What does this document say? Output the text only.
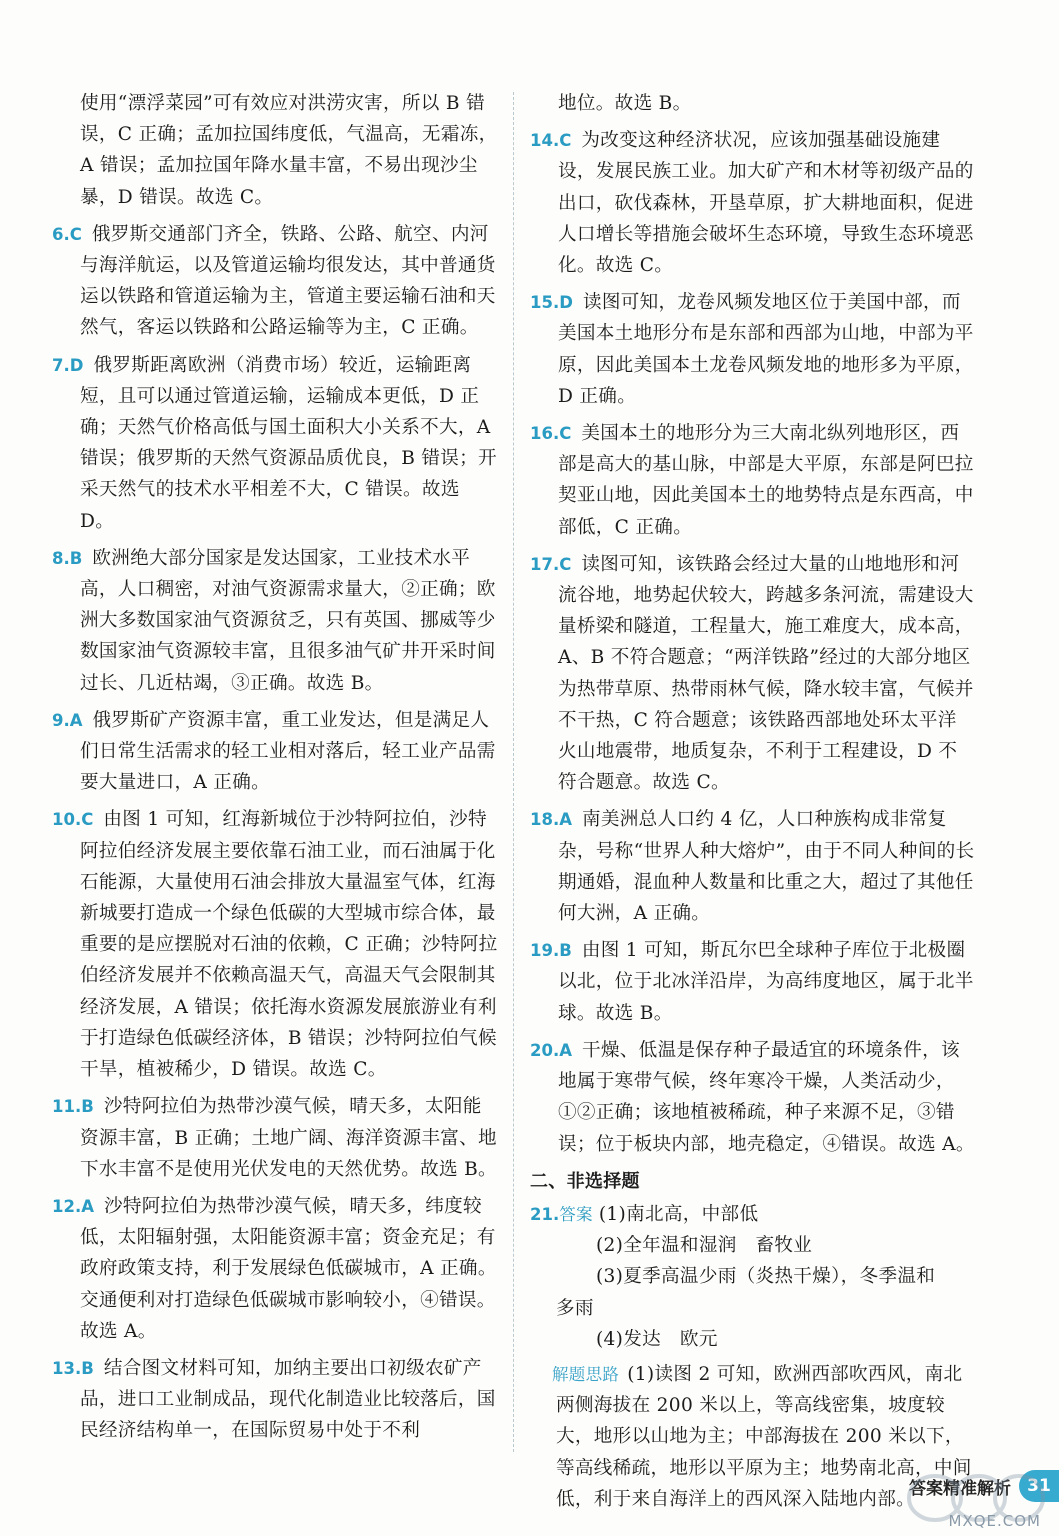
使用“漂浮菜园”可有效应对洪涝灾害，所以 B 错误，C 正确；孟加拉国纬度低，气温高，无霜冻，A 错误；孟加拉国年降水量丰富，不易出现沙尘暴，D 错误。故选 C。

6.C 俄罗斯交通部门齐全，铁路、公路、航空、内河与海洋航运，以及管道运输均很发达，其中普通货运以铁路和管道运输为主，管道主要运输石油和天然气，客运以铁路和公路运输等为主，C 正确。

7.D 俄罗斯距离欧洲（消费市场）较近，运输距离短，且可以通过管道运输，运输成本更低，D 正确；天然气价格高低与国土面积大小关系不大，A 错误；俄罗斯的天然气资源品质优良，B 错误；开采天然气的技术水平相差不大，C 错误。故选 D。

8.B 欧洲绝大部分国家是发达国家，工业技术水平高，人口稠密，对油气资源需求量大，②正确；欧洲大多数国家油气资源贫乏，只有英国、挪威等少数国家油气资源较丰富，且很多油气矿井开采时间过长、几近枯竭，③正确。故选 B。

9.A 俄罗斯矿产资源丰富，重工业发达，但是满足人们日常生活需求的轻工业相对落后，轻工业产品需要大量进口，A 正确。

10.C 由图 1 可知，红海新城位于沙特阿拉伯，沙特阿拉伯经济发展主要依靠石油工业，而石油属于化石能源，大量使用石油会排放大量温室气体，红海新城要打造成一个绿色低碳的大型城市综合体，最重要的是应摆脱对石油的依赖，C 正确；沙特阿拉伯经济发展并不依赖高温天气，高温天气会限制其经济发展，A 错误；依托海水资源发展旅游业有利于打造绿色低碳经济体，B 错误；沙特阿拉伯气候干旱，植被稀少，D 错误。故选 C。

11.B 沙特阿拉伯为热带沙漠气候，晴天多，太阳能资源丰富，B 正确；土地广阔、海洋资源丰富、地下水丰富不是使用光伏发电的天然优势。故选 B。

12.A 沙特阿拉伯为热带沙漠气候，晴天多，纬度较低，太阳辐射强，太阳能资源丰富；资金充足；有政府政策支持，利于发展绿色低碳城市，A 正确。交通便利对打造绿色低碳城市影响较小，④错误。故选 A。

13.B 结合图文材料可知，加纳主要出口初级农矿产品，进口工业制成品，现代化制造业比较落后，国民经济结构单一，在国际贸易中处于不利

地位。故选 B。

14.C 为改变这种经济状况，应该加强基础设施建设，发展民族工业。加大矿产和木材等初级产品的出口，砍伐森林，开垦草原，扩大耕地面积，促进人口增长等措施会破坏生态环境，导致生态环境恶化。故选 C。

15.D 读图可知，龙卷风频发地区位于美国中部，而美国本土地形分布是东部和西部为山地，中部为平原，因此美国本土龙卷风频发地的地形多为平原，D 正确。

16.C 美国本土的地形分为三大南北纵列地形区，西部是高大的基山脉，中部是大平原，东部是阿巴拉契亚山地，因此美国本土的地势特点是东西高，中部低，C 正确。

17.C 读图可知，该铁路会经过大量的山地地形和河流谷地，地势起伏较大，跨越多条河流，需建设大量桥梁和隧道，工程量大，施工难度大，成本高，A、B 不符合题意；“两洋铁路”经过的大部分地区为热带草原、热带雨林气候，降水较丰富，气候并不干热，C 符合题意；该铁路西部地处环太平洋火山地震带，地质复杂，不利于工程建设，D 不符合题意。故选 C。

18.A 南美洲总人口约 4 亿，人口种族构成非常复杂，号称“世界人种大熔炉”，由于不同人种间的长期通婚，混血种人数量和比重之大，超过了其他任何大洲，A 正确。

19.B 由图 1 可知，斯瓦尔巴全球种子库位于北极圈以北，位于北冰洋沿岸，为高纬度地区，属于北半球。故选 B。

20.A 干燥、低温是保存种子最适宜的环境条件，该地属于寒带气候，终年寒冷干燥，人类活动少，①②正确；该地植被稀疏，种子来源不足，③错误；位于板块内部，地壳稳定，④错误。故选 A。

二、非选择题

21.答案 (1)南北高，中部低

(2)全年温和湿润　畜牧业

(3)夏季高温少雨（炎热干燥），冬季温和

多雨

(4)发达　欧元

解题思路 (1)读图 2 可知，欧洲西部吹西风，南北两侧海拔在 200 米以上，等高线密集，坡度较大，地形以山地为主；中部海拔在 200 米以下，等高线稀疏，地形以平原为主；地势南北高，中间低，利于来自海洋上的西风深入陆地内部。

答案精准解析 31
MXQE.COM
